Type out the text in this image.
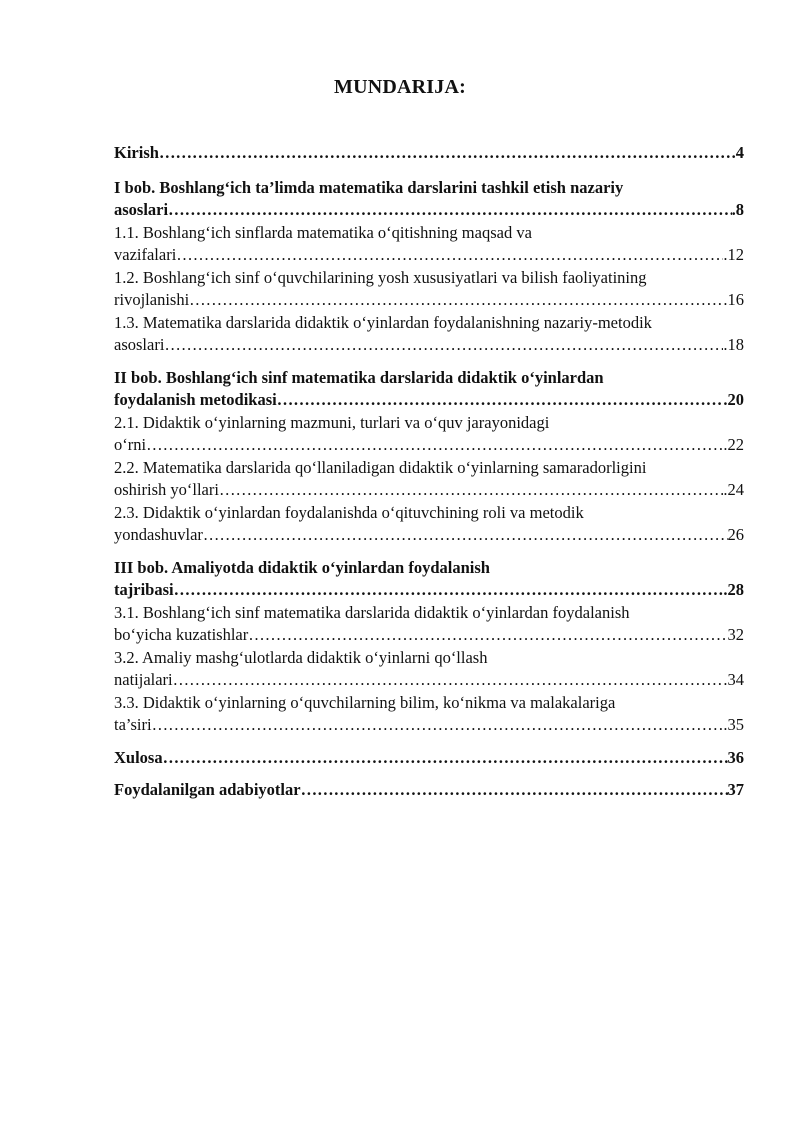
MUNDARIJA:
Kirish ……………………………………………………………………………………………………………………………………………………………………	.4
I bob. Boshlang‘ich ta’limda matematika darslarini tashkil etish nazariy
asoslari ……………………………………………………………………………………………………………………………………………………………………	.8
1.1. Boshlang‘ich sinflarda matematika o‘qitishning maqsad va
vazifalari ……………………………………………………………………………………………………………………………………………………………………	.12
1.2. Boshlang‘ich sinf o‘quvchilarining yosh xususiyatlari va bilish faoliyatining
rivojlanishi ……………………………………………………………………………………………………………………………………………………………………	.16
1.3. Matematika darslarida didaktik o‘yinlardan foydalanishning nazariy-metodik
asoslari ……………………………………………………………………………………………………………………………………………………………………	.18
II bob. Boshlang‘ich sinf matematika darslarida didaktik o‘yinlardan
foydalanish metodikasi ……………………………………………………………………………………………………………………………………………………………………	.20
2.1. Didaktik o‘yinlarning mazmuni, turlari va o‘quv jarayonidagi
o‘rni ……………………………………………………………………………………………………………………………………………………………………	.22
2.2. Matematika darslarida qo‘llaniladigan didaktik o‘yinlarning samaradorligini
oshirish yo‘llari ……………………………………………………………………………………………………………………………………………………………………	.24
2.3. Didaktik o‘yinlardan foydalanishda o‘qituvchining roli va metodik
yondashuvlar ……………………………………………………………………………………………………………………………………………………………………	26
III bob. Amaliyotda didaktik o‘yinlardan foydalanish
tajribasi ……………………………………………………………………………………………………………………………………………………………………	.28
3.1. Boshlang‘ich sinf matematika darslarida didaktik o‘yinlardan foydalanish
bo‘yicha kuzatishlar ……………………………………………………………………………………………………………………………………………………………………	32
3.2. Amaliy mashg‘ulotlarda didaktik o‘yinlarni qo‘llash
natijalari ……………………………………………………………………………………………………………………………………………………………………	.34
3.3. Didaktik o‘yinlarning o‘quvchilarning bilim, ko‘nikma va malakalariga
ta’siri ……………………………………………………………………………………………………………………………………………………………………	.35
Xulosa ……………………………………………………………………………………………………………………………………………………………………	36
Foydalanilgan adabiyotlar ……………………………………………………………………………………………………………………………………………………………………	37
